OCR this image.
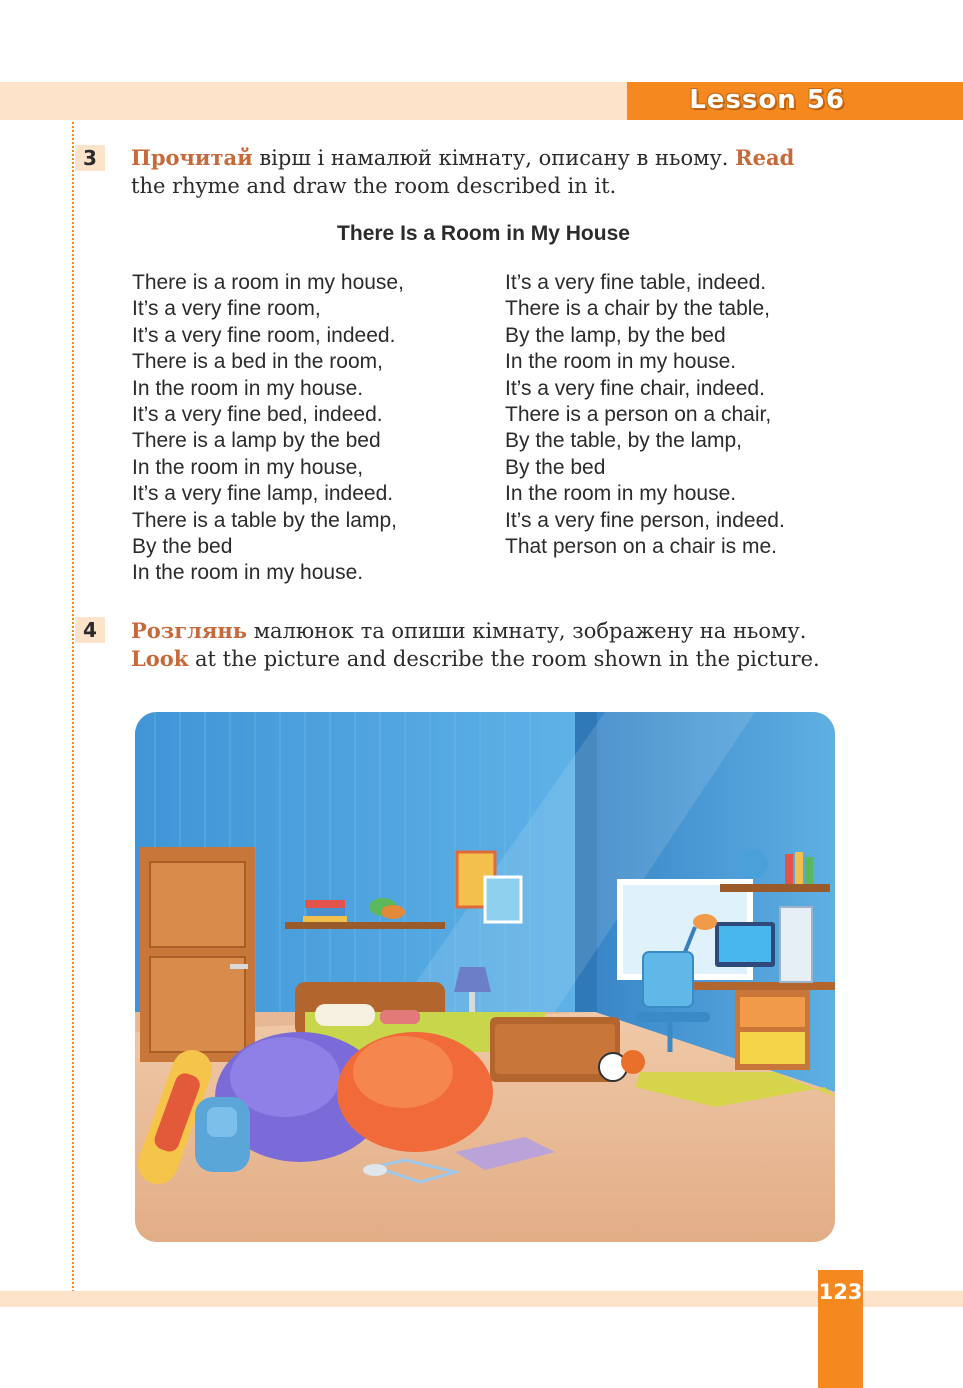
Lesson 56
3	Прочитай вірш і намалюй кімнату, описану в ньому. Read
the rhyme and draw the room described in it.
There Is a Room in My House
There is a room in my house,
It’s a very fine room,
It’s a very fine room, indeed.
There is a bed in the room,
In the room in my house.
It’s a very fine bed, indeed.
There is a lamp by the bed
In the room in my house,
It’s a very fine lamp, indeed.
There is a table by the lamp,
By the bed
In the room in my house.
It’s a very fine table, indeed.
There is a chair by the table,
By the lamp, by the bed
In the room in my house.
It’s a very fine chair, indeed.
There is a person on a chair,
By the table, by the lamp,
By the bed
In the room in my house.
It’s a very fine person, indeed.
That person on a chair is me.
4	Розглянь малюнок та опиши кімнату, зображену на ньому.
Look at the picture and describe the room shown in the picture.
123
